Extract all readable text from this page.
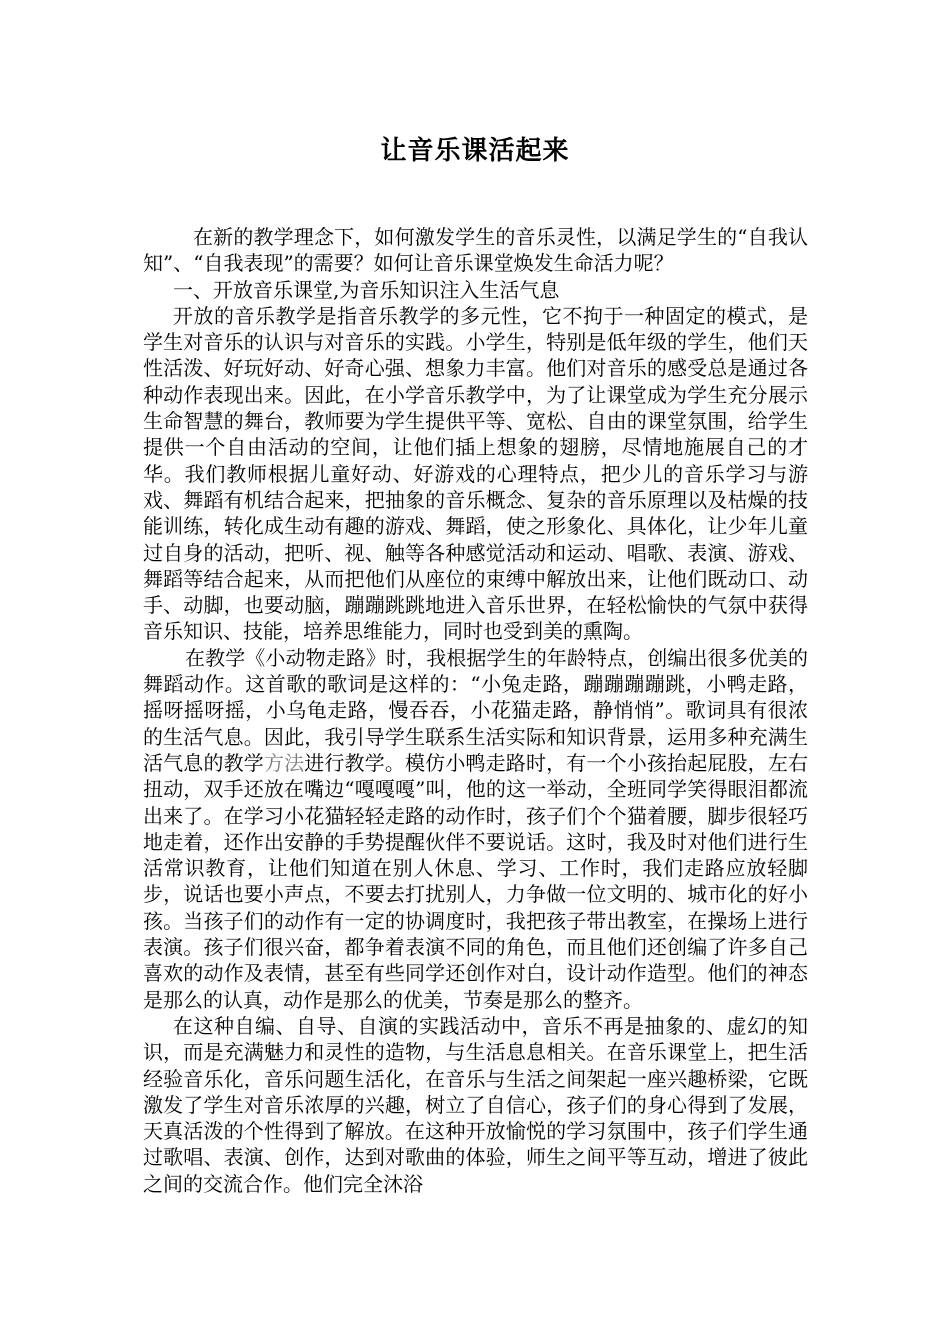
让音乐课活起来

在新的教学理念下，如何激发学生的音乐灵性，以满足学生的“自我认知”、“自我表现”的需要？如何让音乐课堂焕发生命活力呢？

一、开放音乐课堂,为音乐知识注入生活气息

开放的音乐教学是指音乐教学的多元性，它不拘于一种固定的模式，是学生对音乐的认识与对音乐的实践。小学生，特别是低年级的学生，他们天性活泼、好玩好动、好奇心强、想象力丰富。他们对音乐的感受总是通过各种动作表现出来。因此，在小学音乐教学中，为了让课堂成为学生充分展示生命智慧的舞台，教师要为学生提供平等、宽松、自由的课堂氛围，给学生提供一个自由活动的空间，让他们插上想象的翅膀，尽情地施展自己的才华。我们教师根据儿童好动、好游戏的心理特点，把少儿的音乐学习与游戏、舞蹈有机结合起来，把抽象的音乐概念、复杂的音乐原理以及枯燥的技能训练，转化成生动有趣的游戏、舞蹈，使之形象化、具体化，让少年儿童过自身的活动，把听、视、触等各种感觉活动和运动、唱歌、表演、游戏、舞蹈等结合起来，从而把他们从座位的束缚中解放出来，让他们既动口、动手、动脚，也要动脑，蹦蹦跳跳地进入音乐世界，在轻松愉快的气氛中获得音乐知识、技能，培养思维能力，同时也受到美的熏陶。

在教学《小动物走路》时，我根据学生的年龄特点，创编出很多优美的舞蹈动作。这首歌的歌词是这样的：“小兔走路，蹦蹦蹦蹦跳，小鸭走路，摇呀摇呀摇，小乌龟走路，慢吞吞，小花猫走路，静悄悄”。歌词具有很浓的生活气息。因此，我引导学生联系生活实际和知识背景，运用多种充满生活气息的教学方法进行教学。模仿小鸭走路时，有一个小孩抬起屁股，左右扭动，双手还放在嘴边“嘎嘎嘎”叫，他的这一举动，全班同学笑得眼泪都流出来了。在学习小花猫轻轻走路的动作时，孩子们个个猫着腰，脚步很轻巧地走着，还作出安静的手势提醒伙伴不要说话。这时，我及时对他们进行生活常识教育，让他们知道在别人休息、学习、工作时，我们走路应放轻脚步，说话也要小声点，不要去打扰别人，力争做一位文明的、城市化的好小孩。当孩子们的动作有一定的协调度时，我把孩子带出教室，在操场上进行表演。孩子们很兴奋，都争着表演不同的角色，而且他们还创编了许多自己喜欢的动作及表情，甚至有些同学还创作对白，设计动作造型。他们的神态是那么的认真，动作是那么的优美，节奏是那么的整齐。

在这种自编、自导、自演的实践活动中，音乐不再是抽象的、虚幻的知识，而是充满魅力和灵性的造物，与生活息息相关。在音乐课堂上，把生活经验音乐化，音乐问题生活化，在音乐与生活之间架起一座兴趣桥梁，它既激发了学生对音乐浓厚的兴趣，树立了自信心，孩子们的身心得到了发展，天真活泼的个性得到了解放。在这种开放愉悦的学习氛围中，孩子们学生通过歌唱、表演、创作，达到对歌曲的体验，师生之间平等互动，增进了彼此之间的交流合作。他们完全沐浴
